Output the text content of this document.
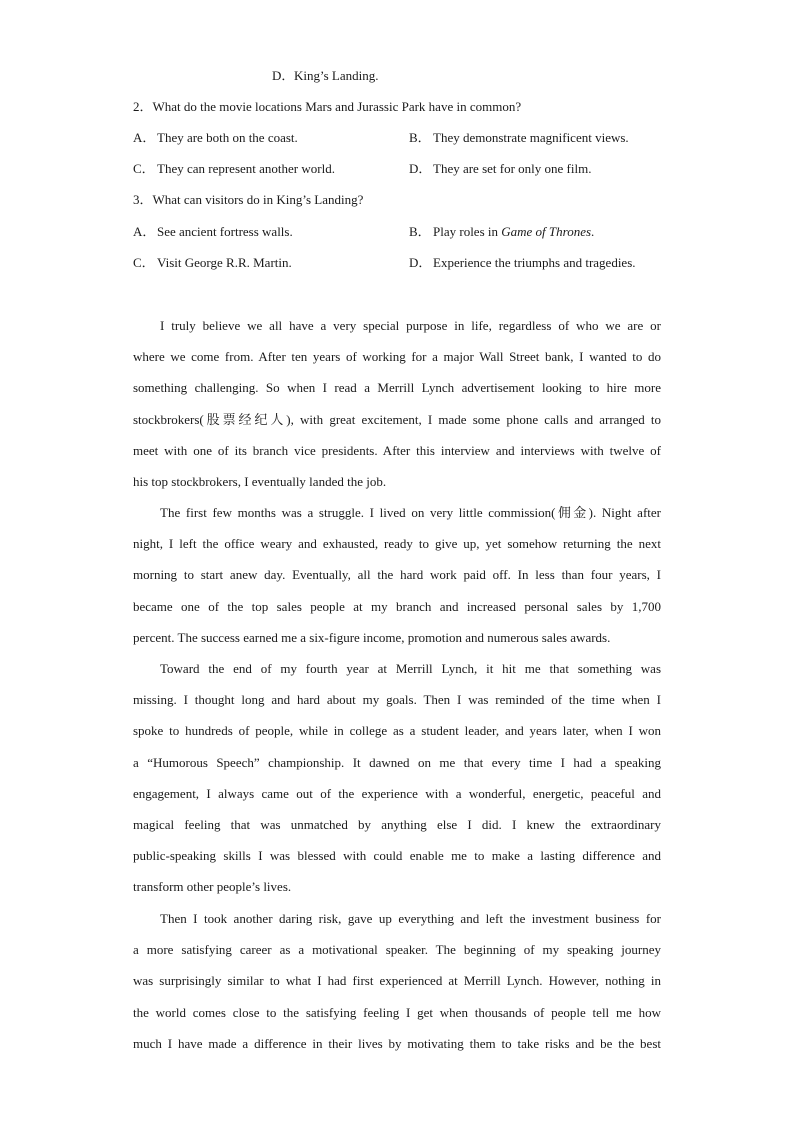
D．King’s Landing.
2．What do the movie locations Mars and Jurassic Park have in common?
A． They are both on the coast.	B． They demonstrate magnificent views.
C． They can represent another world.	D． They are set for only one film.
3．What can visitors do in King’s Landing?
A． See ancient fortress walls.	B． Play roles in Game of Thrones.
C． Visit George R.R. Martin.	D． Experience the triumphs and tragedies.
I truly believe we all have a very special purpose in life, regardless of who we are or
where we come from. After ten years of working for a major Wall Street bank, I wanted to do
something challenging. So when I read a Merrill Lynch advertisement looking to hire more
stockbrokers(股票经纪人), with great excitement, I made some phone calls and arranged to
meet with one of its branch vice presidents. After this interview and interviews with twelve of
his top stockbrokers, I eventually landed the job.
The first few months was a struggle. I lived on very little commission(佣金). Night after
night, I left the office weary and exhausted, ready to give up, yet somehow returning the next
morning to start anew day. Eventually, all the hard work paid off. In less than four years, I
became one of the top sales people at my branch and increased personal sales by 1,700
percent. The success earned me a six-figure income, promotion and numerous sales awards.
Toward the end of my fourth year at Merrill Lynch, it hit me that something was
missing. I thought long and hard about my goals. Then I was reminded of the time when I
spoke to hundreds of people, while in college as a student leader, and years later, when I won
a “Humorous Speech” championship. It dawned on me that every time I had a speaking
engagement, I always came out of the experience with a wonderful, energetic, peaceful and
magical feeling that was unmatched by anything else I did. I knew the extraordinary
public-speaking skills I was blessed with could enable me to make a lasting difference and
transform other people’s lives.
Then I took another daring risk, gave up everything and left the investment business for
a more satisfying career as a motivational speaker. The beginning of my speaking journey
was surprisingly similar to what I had first experienced at Merrill Lynch. However, nothing in
the world comes close to the satisfying feeling I get when thousands of people tell me how
much I have made a difference in their lives by motivating them to take risks and be the best
